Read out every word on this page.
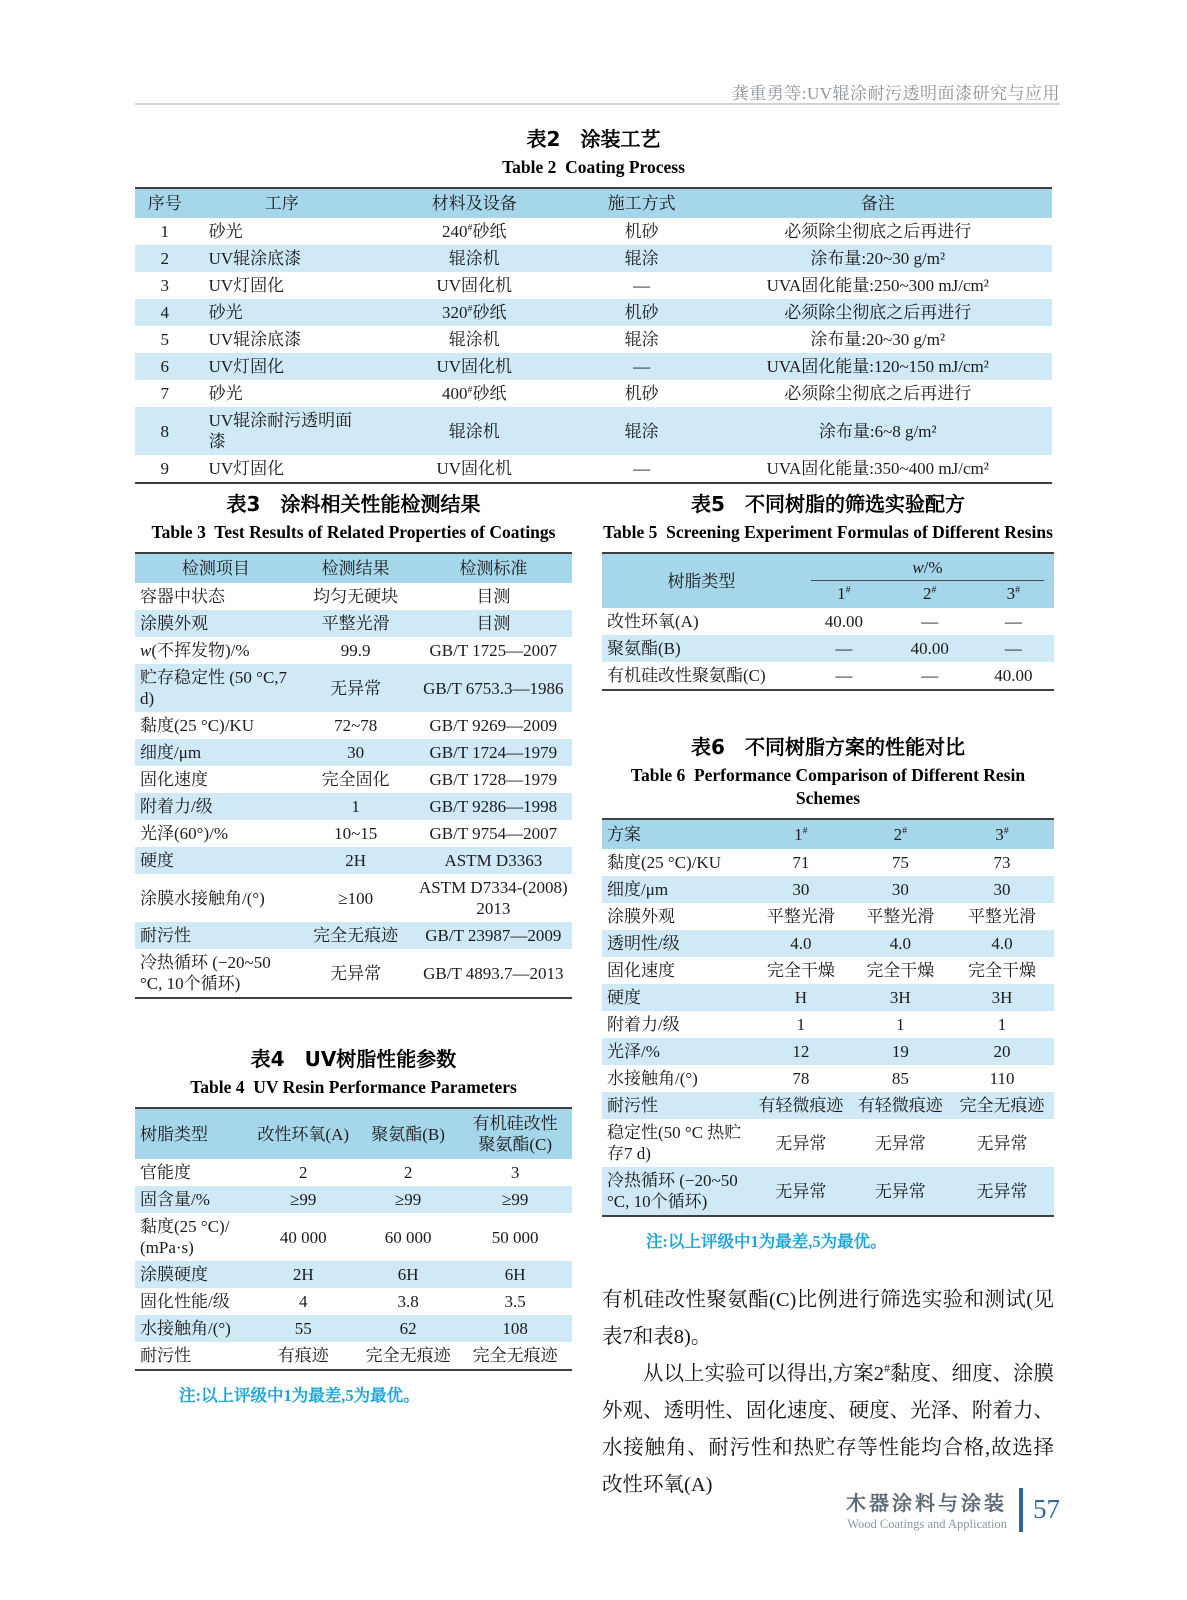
龚重勇等:UV辊涂耐污透明面漆研究与应用
表2　涂装工艺
Table 2  Coating Process
序号	工序	材料及设备	施工方式	备注
1	砂光	240#砂纸	机砂	必须除尘彻底之后再进行
2	UV辊涂底漆	辊涂机	辊涂	涂布量:20~30 g/m²
3	UV灯固化	UV固化机	—	UVA固化能量:250~300 mJ/cm²
4	砂光	320#砂纸	机砂	必须除尘彻底之后再进行
5	UV辊涂底漆	辊涂机	辊涂	涂布量:20~30 g/m²
6	UV灯固化	UV固化机	—	UVA固化能量:120~150 mJ/cm²
7	砂光	400#砂纸	机砂	必须除尘彻底之后再进行
8	UV辊涂耐污透明面漆	辊涂机	辊涂	涂布量:6~8 g/m²
9	UV灯固化	UV固化机	—	UVA固化能量:350~400 mJ/cm²
表3　涂料相关性能检测结果
Table 3  Test Results of Related Properties of Coatings
检测项目	检测结果	检测标准
容器中状态	均匀无硬块	目测
涂膜外观	平整光滑	目测
w(不挥发物)/%	99.9	GB/T 1725—2007
贮存稳定性 (50 °C,7 d)	无异常	GB/T 6753.3—1986
黏度(25 °C)/KU	72~78	GB/T 9269—2009
细度/μm	30	GB/T 1724—1979
固化速度	完全固化	GB/T 1728—1979
附着力/级	1	GB/T 9286—1998
光泽(60°)/%	10~15	GB/T 9754—2007
硬度	2H	ASTM D3363
涂膜水接触角/(°)	≥100	ASTM D7334-(2008) 2013
耐污性	完全无痕迹	GB/T 23987—2009
冷热循环 (−20~50 °C, 10个循环)	无异常	GB/T 4893.7—2013
表4　UV树脂性能参数
Table 4  UV Resin Performance Parameters
树脂类型	改性环氧(A)	聚氨酯(B)	有机硅改性 聚氨酯(C)
官能度	2	2	3
固含量/%	≥99	≥99	≥99
黏度(25 °C)/ (mPa·s)	40 000	60 000	50 000
涂膜硬度	2H	6H	6H
固化性能/级	4	3.8	3.5
水接触角/(°)	55	62	108
耐污性	有痕迹	完全无痕迹	完全无痕迹
注:以上评级中1为最差,5为最优。
表5　不同树脂的筛选实验配方
Table 5  Screening Experiment Formulas of Different Resins
树脂类型	w/%		

	1#	2#	3#
改性环氧(A)	40.00	—	—
聚氨酯(B)	—	40.00	—
有机硅改性聚氨酯(C)	—	—	40.00
表6　不同树脂方案的性能对比
Table 6  Performance Comparison of Different Resin Schemes
方案	1#	2#	3#
黏度(25 °C)/KU	71	75	73
细度/μm	30	30	30
涂膜外观	平整光滑	平整光滑	平整光滑
透明性/级	4.0	4.0	4.0
固化速度	完全干燥	完全干燥	完全干燥
硬度	H	3H	3H
附着力/级	1	1	1
光泽/%	12	19	20
水接触角/(°)	78	85	110
耐污性	有轻微痕迹	有轻微痕迹	完全无痕迹
稳定性(50 °C 热贮存7 d)	无异常	无异常	无异常
冷热循环 (−20~50 °C, 10个循环)	无异常	无异常	无异常
注:以上评级中1为最差,5为最优。

有机硅改性聚氨酯(C)比例进行筛选实验和测试(见表7和表8)。

从以上实验可以得出,方案2#黏度、细度、涂膜外观、透明性、固化速度、硬度、光泽、附着力、水接触角、耐污性和热贮存等性能均合格,故选择改性环氧(A)

木器涂料与涂装
Wood Coatings and Application 57
